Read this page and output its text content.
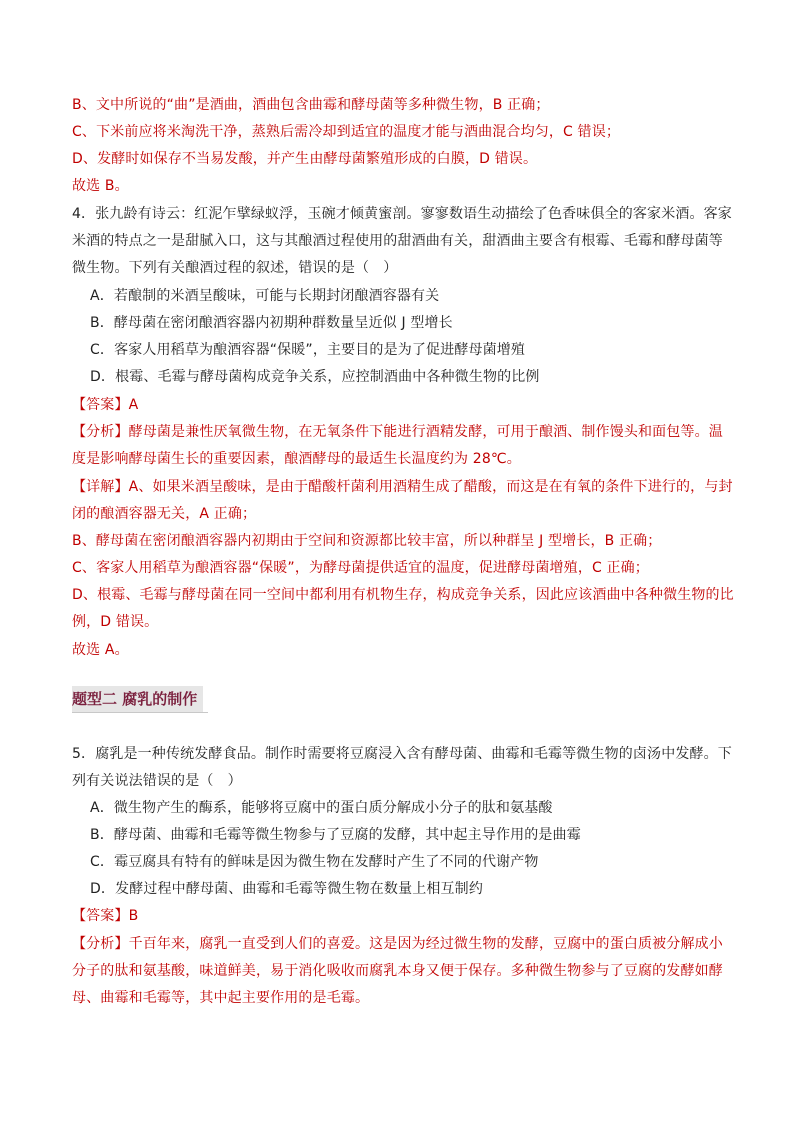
B、文中所说的“曲”是酒曲，酒曲包含曲霉和酵母菌等多种微生物，B 正确；
C、下米前应将米淘洗干净，蒸熟后需冷却到适宜的温度才能与酒曲混合均匀，C 错误；
D、发酵时如保存不当易发酸，并产生由酵母菌繁殖形成的白膜，D 错误。
故选 B。
4．张九龄有诗云：红泥乍擘绿蚁浮，玉碗才倾黄蜜剖。寥寥数语生动描绘了色香味俱全的客家米酒。客家
米酒的特点之一是甜腻入口，这与其酿酒过程使用的甜酒曲有关，甜酒曲主要含有根霉、毛霉和酵母菌等
微生物。下列有关酿酒过程的叙述，错误的是（　）
A．若酿制的米酒呈酸味，可能与长期封闭酿酒容器有关
B．酵母菌在密闭酿酒容器内初期种群数量呈近似 J 型增长
C．客家人用稻草为酿酒容器“保暖”，主要目的是为了促进酵母菌增殖
D．根霉、毛霉与酵母菌构成竞争关系，应控制酒曲中各种微生物的比例
【答案】A
【分析】酵母菌是兼性厌氧微生物，在无氧条件下能进行酒精发酵，可用于酿酒、制作馒头和面包等。温
度是影响酵母菌生长的重要因素，酿酒酵母的最适生长温度约为 28℃。
【详解】A、如果米酒呈酸味，是由于醋酸杆菌利用酒精生成了醋酸，而这是在有氧的条件下进行的，与封
闭的酿酒容器无关，A 正确；
B、酵母菌在密闭酿酒容器内初期由于空间和资源都比较丰富，所以种群呈 J 型增长，B 正确；
C、客家人用稻草为酿酒容器“保暖”，为酵母菌提供适宜的温度，促进酵母菌增殖，C 正确；
D、根霉、毛霉与酵母菌在同一空间中都利用有机物生存，构成竞争关系，因此应该酒曲中各种微生物的比
例，D 错误。
故选 A。
题型二 腐乳的制作
5．腐乳是一种传统发酵食品。制作时需要将豆腐浸入含有酵母菌、曲霉和毛霉等微生物的卤汤中发酵。下
列有关说法错误的是（　）
A．微生物产生的酶系，能够将豆腐中的蛋白质分解成小分子的肽和氨基酸
B．酵母菌、曲霉和毛霉等微生物参与了豆腐的发酵，其中起主导作用的是曲霉
C．霉豆腐具有特有的鲜味是因为微生物在发酵时产生了不同的代谢产物
D．发酵过程中酵母菌、曲霉和毛霉等微生物在数量上相互制约
【答案】B
【分析】千百年来，腐乳一直受到人们的喜爱。这是因为经过微生物的发酵，豆腐中的蛋白质被分解成小
分子的肽和氨基酸，味道鲜美，易于消化吸收而腐乳本身又便于保存。多种微生物参与了豆腐的发酵如酵
母、曲霉和毛霉等，其中起主要作用的是毛霉。
